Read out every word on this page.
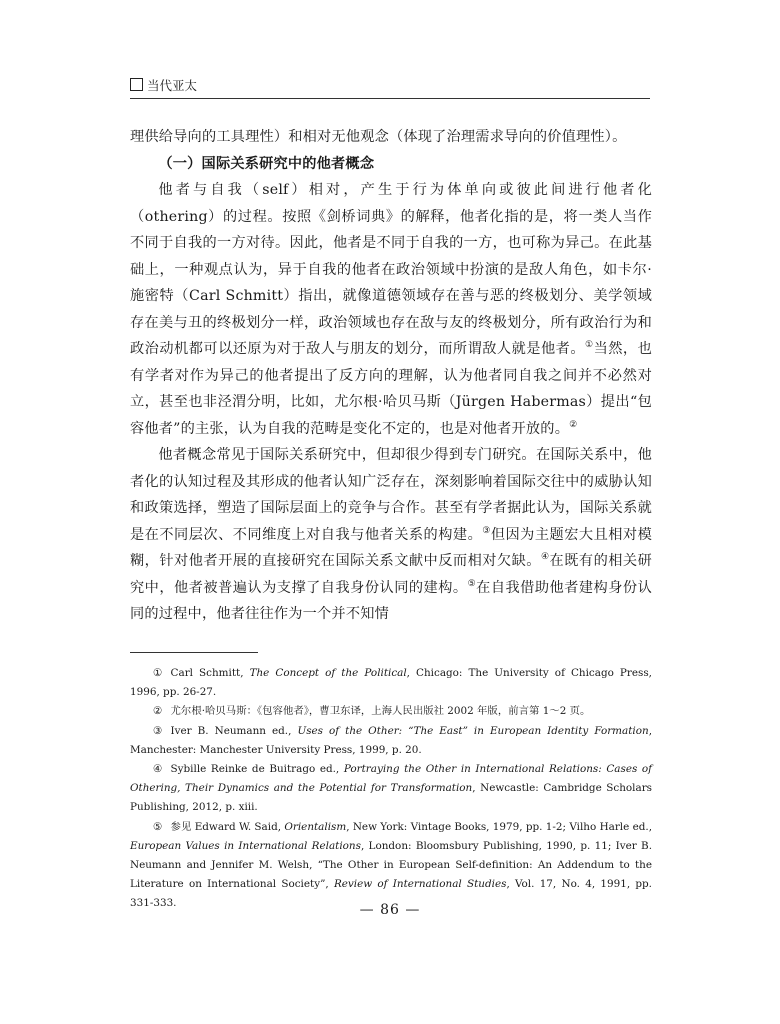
当代亚太

理供给导向的工具理性）和相对无他观念（体现了治理需求导向的价值理性）。

（一）国际关系研究中的他者概念

他者与自我（self）相对，产生于行为体单向或彼此间进行他者化（othering）的过程。按照《剑桥词典》的解释，他者化指的是，将一类人当作不同于自我的一方对待。因此，他者是不同于自我的一方，也可称为异己。在此基础上，一种观点认为，异于自我的他者在政治领域中扮演的是敌人角色，如卡尔·施密特（Carl Schmitt）指出，就像道德领域存在善与恶的终极划分、美学领域存在美与丑的终极划分一样，政治领域也存在敌与友的终极划分，所有政治行为和政治动机都可以还原为对于敌人与朋友的划分，而所谓敌人就是他者。①当然，也有学者对作为异己的他者提出了反方向的理解，认为他者同自我之间并不必然对立，甚至也非泾渭分明，比如，尤尔根·哈贝马斯（Jürgen Habermas）提出“包容他者”的主张，认为自我的范畴是变化不定的，也是对他者开放的。②

他者概念常见于国际关系研究中，但却很少得到专门研究。在国际关系中，他者化的认知过程及其形成的他者认知广泛存在，深刻影响着国际交往中的威胁认知和政策选择，塑造了国际层面上的竞争与合作。甚至有学者据此认为，国际关系就是在不同层次、不同维度上对自我与他者关系的构建。③但因为主题宏大且相对模糊，针对他者开展的直接研究在国际关系文献中反而相对欠缺。④在既有的相关研究中，他者被普遍认为支撑了自我身份认同的建构。⑤在自我借助他者建构身份认同的过程中，他者往往作为一个并不知情

① Carl Schmitt, The Concept of the Political, Chicago: The University of Chicago Press, 1996, pp. 26-27.

② 尤尔根·哈贝马斯：《包容他者》，曹卫东译，上海人民出版社 2002 年版，前言第 1～2 页。

③ Iver B. Neumann ed., Uses of the Other: “The East” in European Identity Formation, Manchester: Manchester University Press, 1999, p. 20.

④ Sybille Reinke de Buitrago ed., Portraying the Other in International Relations: Cases of Othering, Their Dynamics and the Potential for Transformation, Newcastle: Cambridge Scholars Publishing, 2012, p. xiii.

⑤ 参见 Edward W. Said, Orientalism, New York: Vintage Books, 1979, pp. 1-2; Vilho Harle ed., European Values in International Relations, London: Bloomsbury Publishing, 1990, p. 11; Iver B. Neumann and Jennifer M. Welsh, “The Other in European Self-definition: An Addendum to the Literature on International Society”, Review of International Studies, Vol. 17, No. 4, 1991, pp. 331-333.	— 86 —
